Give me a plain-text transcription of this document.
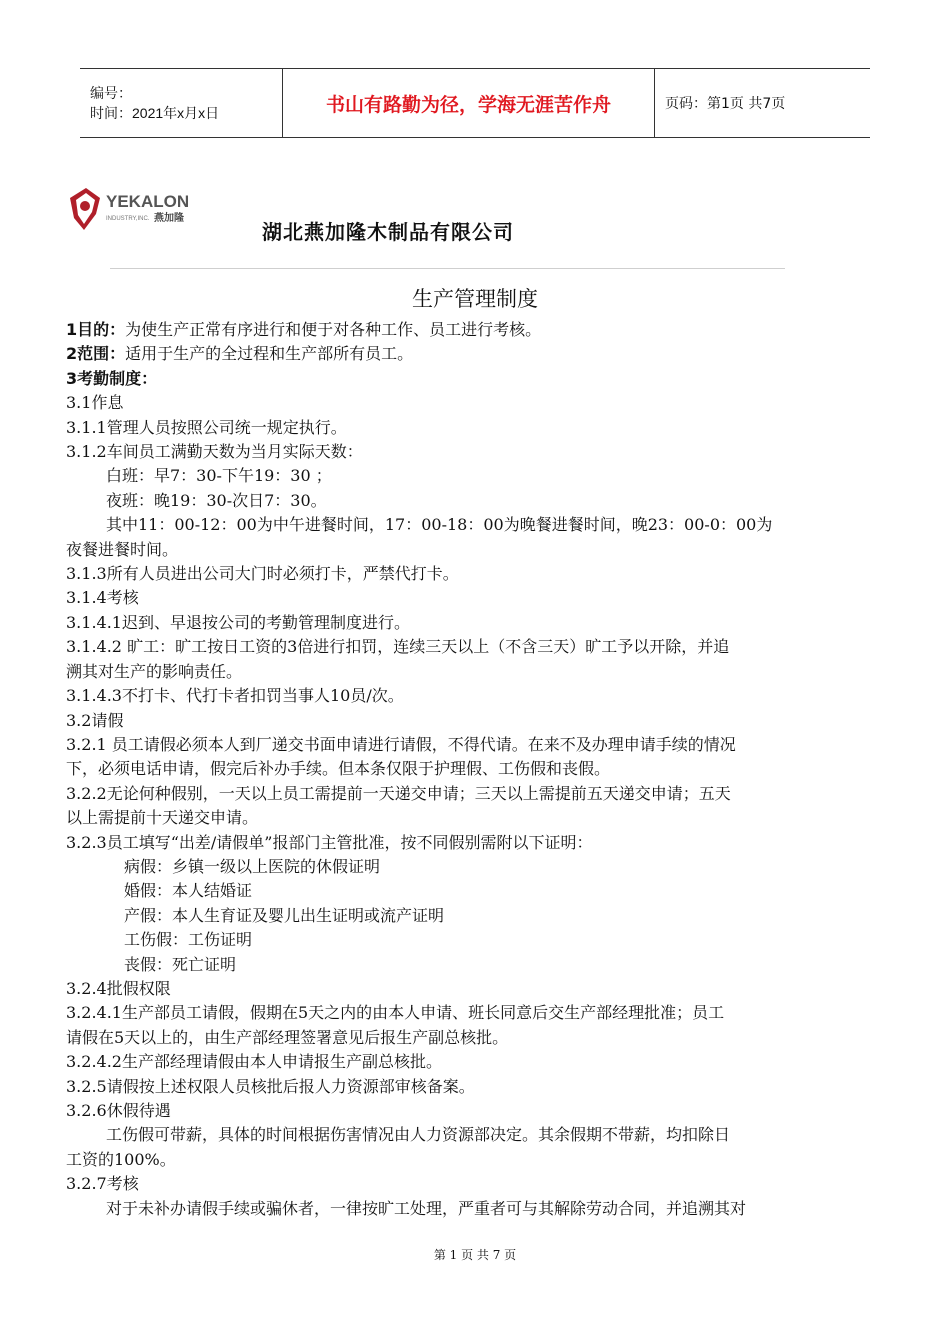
编号：
时间：2021年x月x日	书山有路勤为径，学海无涯苦作舟	页码：第1页 共7页
YEKALON
INDUSTRY,INC. 燕加隆
湖北燕加隆木制品有限公司
生产管理制度
1目的：为使生产正常有序进行和便于对各种工作、员工进行考核。
2范围：适用于生产的全过程和生产部所有员工。
3考勤制度：
3.1作息
3.1.1管理人员按照公司统一规定执行。
3.1.2车间员工满勤天数为当月实际天数：
白班：早7：30-下午19：30 ；
夜班：晚19：30-次日7：30。
其中11：00-12：00为中午进餐时间，17：00-18：00为晚餐进餐时间，晚23：00-0：00为
夜餐进餐时间。
3.1.3所有人员进出公司大门时必须打卡，严禁代打卡。
3.1.4考核
3.1.4.1迟到、早退按公司的考勤管理制度进行。
3.1.4.2 旷工：旷工按日工资的3倍进行扣罚，连续三天以上（不含三天）旷工予以开除，并追
溯其对生产的影响责任。
3.1.4.3不打卡、代打卡者扣罚当事人10员/次。
3.2请假
3.2.1 员工请假必须本人到厂递交书面申请进行请假，不得代请。在来不及办理申请手续的情况
下，必须电话申请，假完后补办手续。但本条仅限于护理假、工伤假和丧假。
3.2.2无论何种假别，一天以上员工需提前一天递交申请；三天以上需提前五天递交申请；五天
以上需提前十天递交申请。
3.2.3员工填写“出差/请假单”报部门主管批准，按不同假别需附以下证明：
病假：乡镇一级以上医院的休假证明
婚假：本人结婚证
产假：本人生育证及婴儿出生证明或流产证明
工伤假：工伤证明
丧假：死亡证明
3.2.4批假权限
3.2.4.1生产部员工请假，假期在5天之内的由本人申请、班长同意后交生产部经理批准；员工
请假在5天以上的，由生产部经理签署意见后报生产副总核批。
3.2.4.2生产部经理请假由本人申请报生产副总核批。
3.2.5请假按上述权限人员核批后报人力资源部审核备案。
3.2.6休假待遇
工伤假可带薪，具体的时间根据伤害情况由人力资源部决定。其余假期不带薪，均扣除日
工资的100%。
3.2.7考核
对于未补办请假手续或骗休者，一律按旷工处理，严重者可与其解除劳动合同，并追溯其对
第 1 页 共 7 页
